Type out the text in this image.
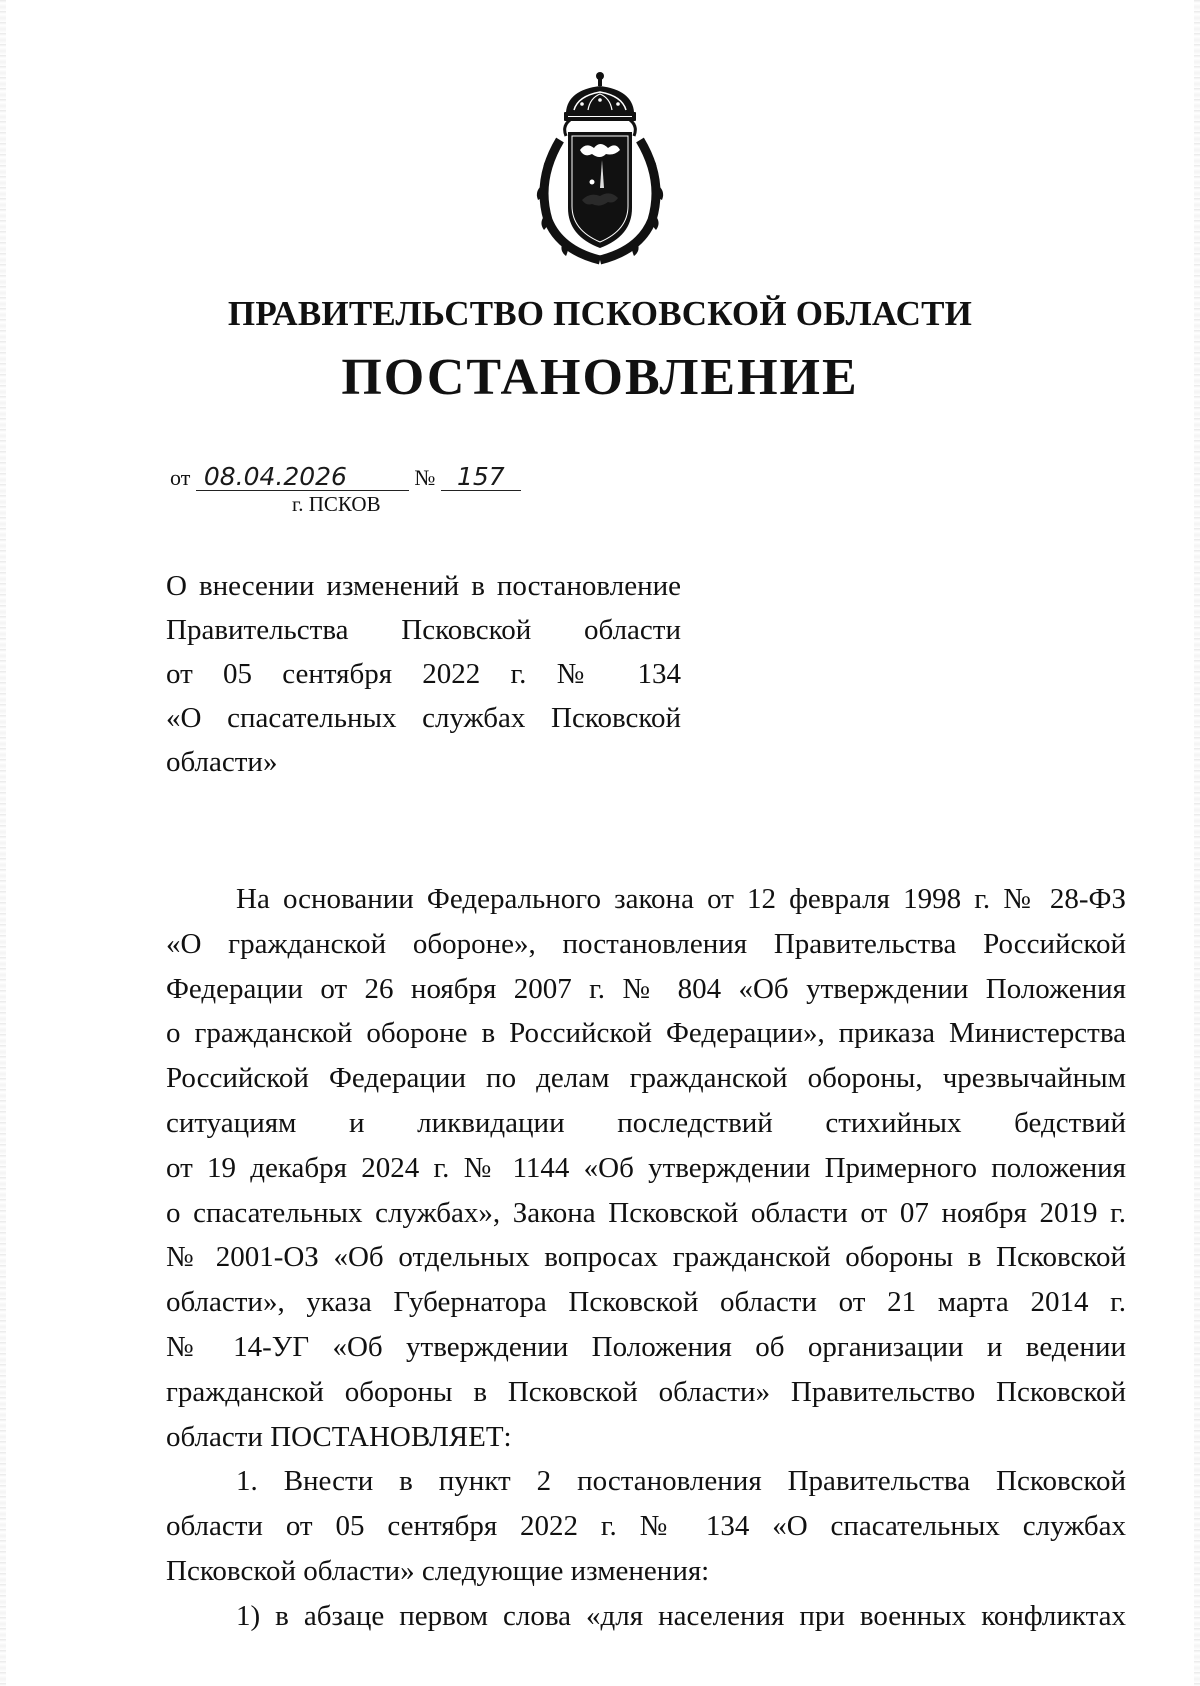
ПРАВИТЕЛЬСТВО ПСКОВСКОЙ ОБЛАСТИ
ПОСТАНОВЛЕНИЕ
от 08.04.2026	№ 157
г. ПСКОВ
О внесении изменений в постановление
Правительства Псковской области
от 05 сентября 2022 г. № 134
«О спасательных службах Псковской
области»
На основании Федерального закона от 12 февраля 1998 г. № 28-ФЗ
«О гражданской обороне», постановления Правительства Российской
Федерации от 26 ноября 2007 г. № 804 «Об утверждении Положения
о гражданской обороне в Российской Федерации», приказа Министерства
Российской Федерации по делам гражданской обороны, чрезвычайным
ситуациям и ликвидации последствий стихийных бедствий
от 19 декабря 2024 г. № 1144 «Об утверждении Примерного положения
о спасательных службах», Закона Псковской области от 07 ноября 2019 г.
№ 2001-ОЗ «Об отдельных вопросах гражданской обороны в Псковской
области», указа Губернатора Псковской области от 21 марта 2014 г.
№ 14-УГ «Об утверждении Положения об организации и ведении
гражданской обороны в Псковской области» Правительство Псковской
области ПОСТАНОВЛЯЕТ:
1. Внести в пункт 2 постановления Правительства Псковской
области от 05 сентября 2022 г. № 134 «О спасательных службах
Псковской области» следующие изменения:
1) в абзаце первом слова «для населения при военных конфликтах
